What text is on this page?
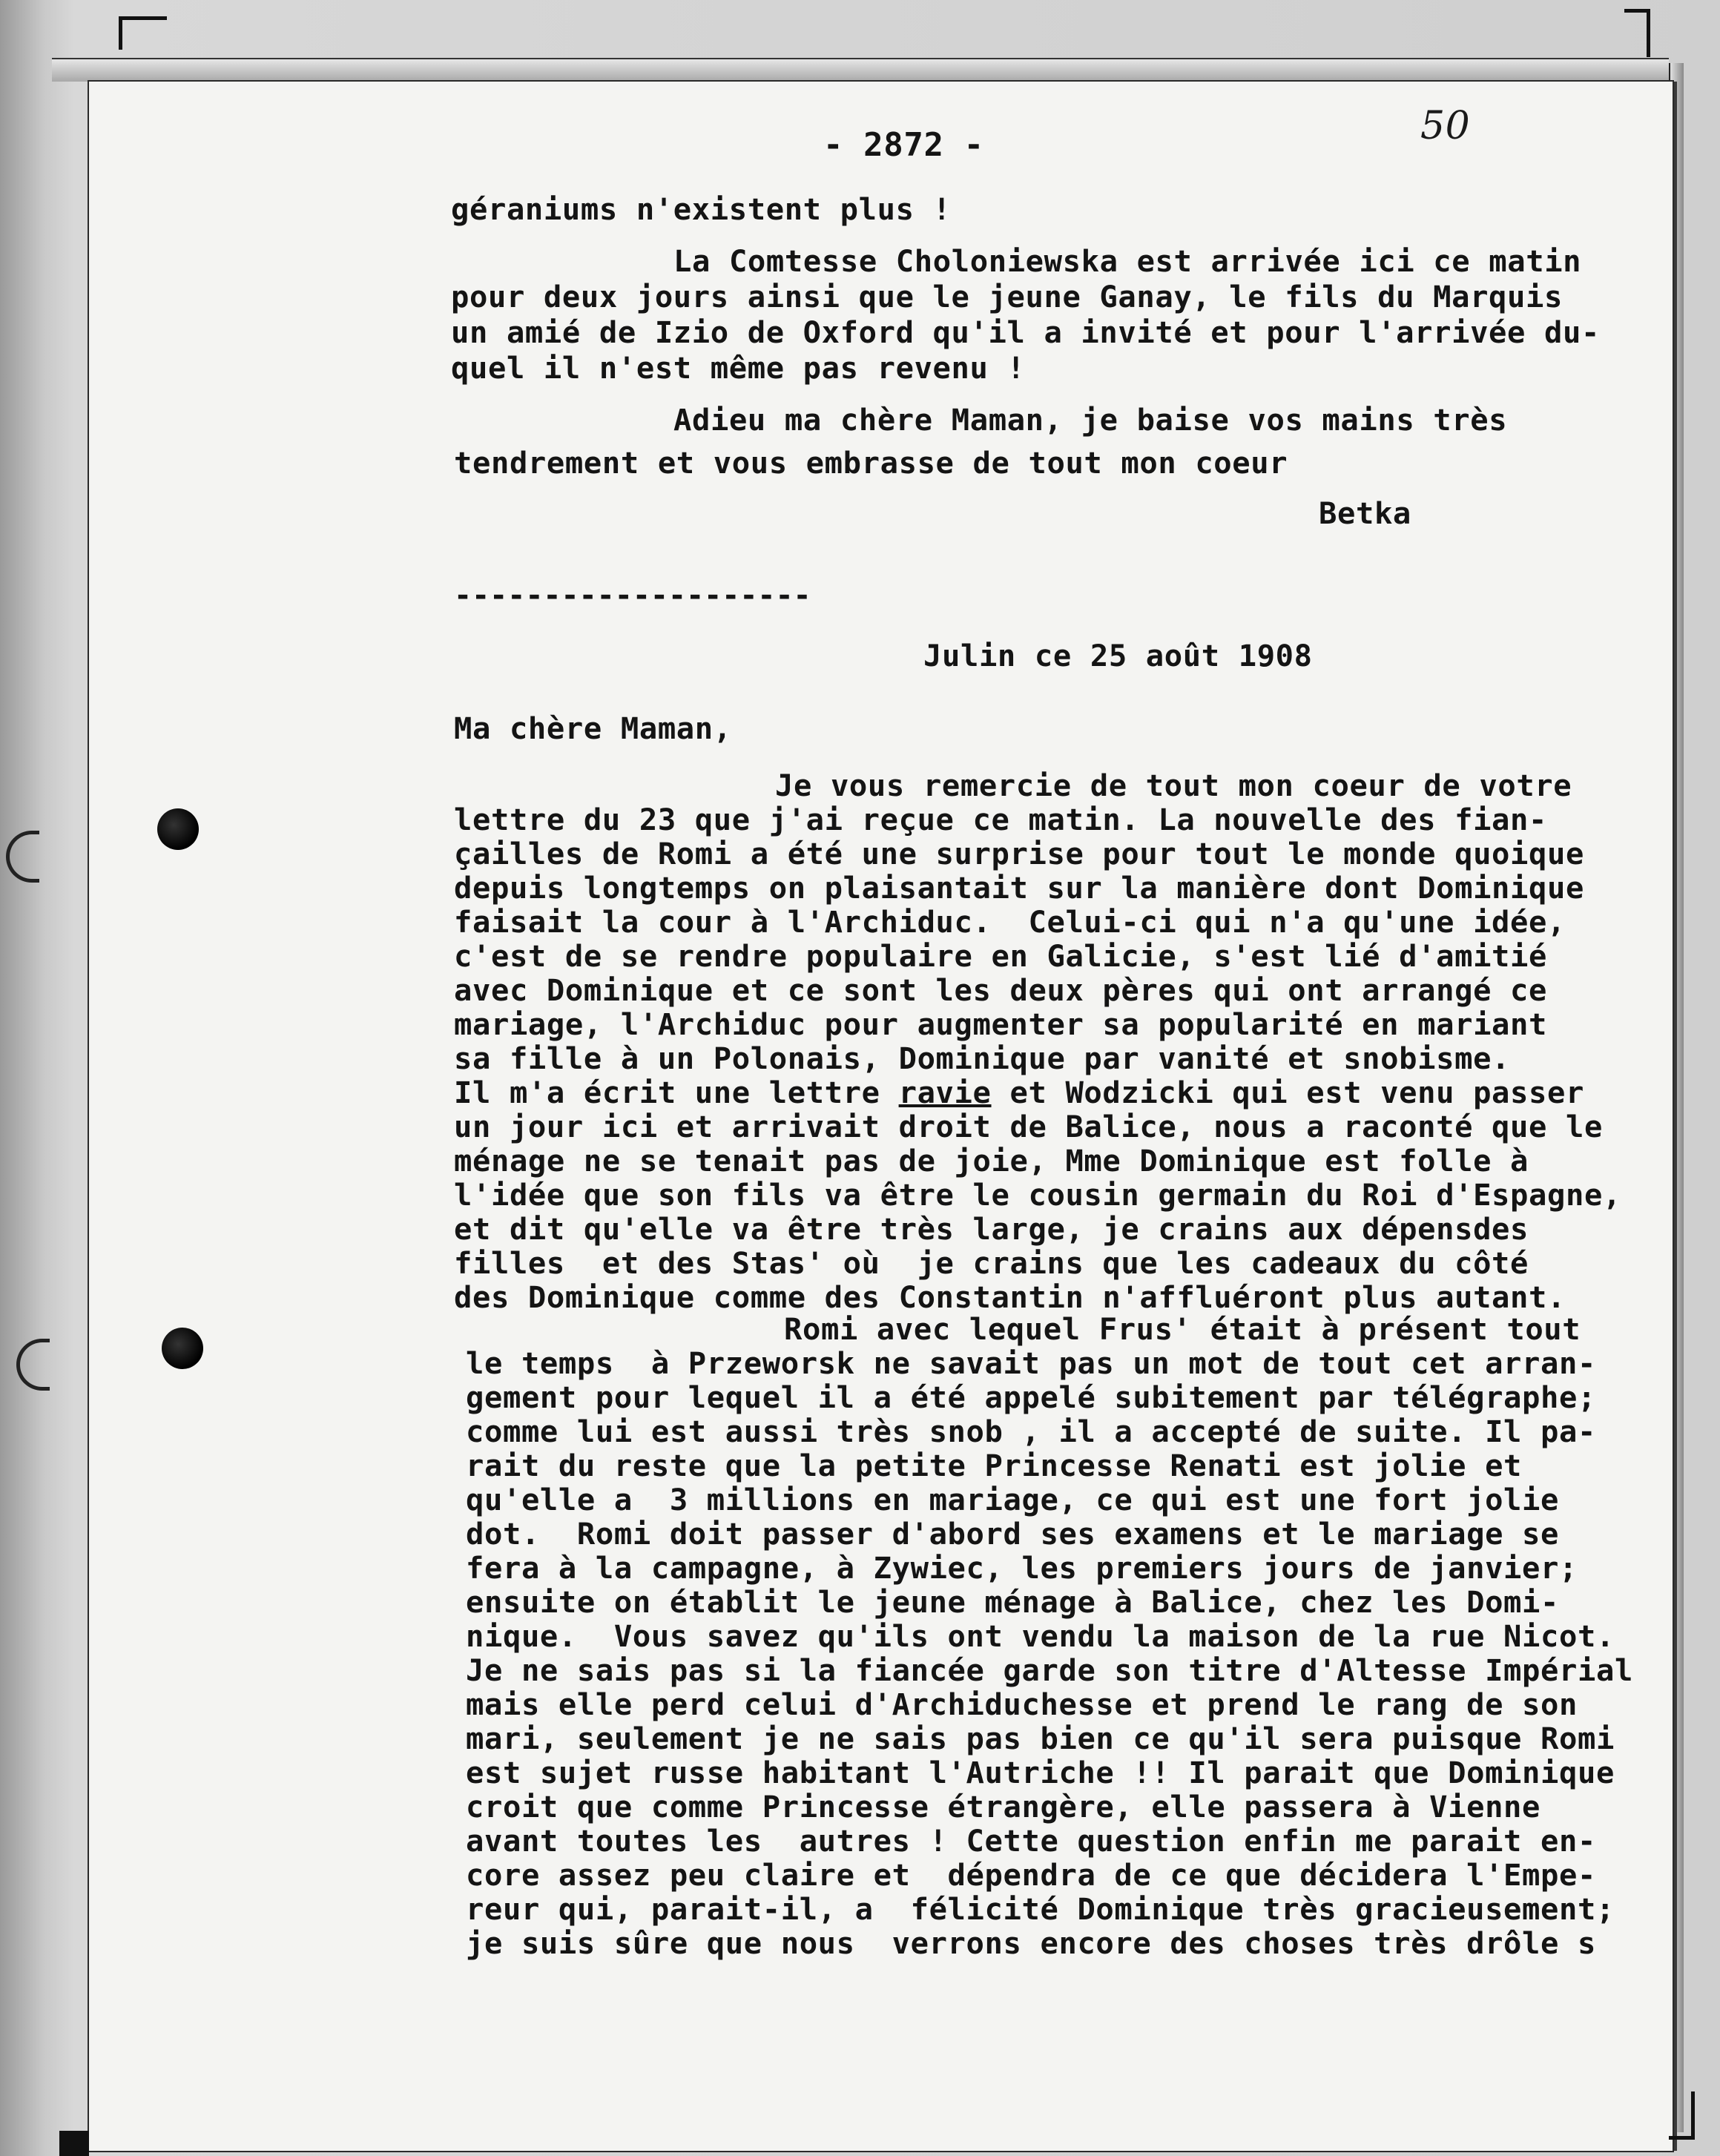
- 2872 -	50
géraniums n'existent plus !
La Comtesse Choloniewska est arrivée ici ce matin
pour deux jours ainsi que le jeune Ganay, le fils du Marquis
un amié de Izio de Oxford qu'il a invité et pour l'arrivée du-
quel il n'est même pas revenu !
Adieu ma chère Maman, je baise vos mains très
tendrement et vous embrasse de tout mon coeur
Betka
--------------------
Julin ce 25 août 1908
Ma chère Maman,
Je vous remercie de tout mon coeur de votre
lettre du 23 que j'ai reçue ce matin. La nouvelle des fian-
çailles de Romi a été une surprise pour tout le monde quoique
depuis longtemps on plaisantait sur la manière dont Dominique
faisait la cour à l'Archiduc.  Celui-ci qui n'a qu'une idée,
c'est de se rendre populaire en Galicie, s'est lié d'amitié
avec Dominique et ce sont les deux pères qui ont arrangé ce
mariage, l'Archiduc pour augmenter sa popularité en mariant
sa fille à un Polonais, Dominique par vanité et snobisme.
Il m'a écrit une lettre ravie et Wodzicki qui est venu passer
un jour ici et arrivait droit de Balice, nous a raconté que le
ménage ne se tenait pas de joie, Mme Dominique est folle à
l'idée que son fils va être le cousin germain du Roi d'Espagne,
et dit qu'elle va être très large, je crains aux dépensdes
filles  et des Stas' où  je crains que les cadeaux du côté
des Dominique comme des Constantin n'affluéront plus autant.
Romi avec lequel Frus' était à présent tout
le temps  à Przeworsk ne savait pas un mot de tout cet arran-
gement pour lequel il a été appelé subitement par télégraphe;
comme lui est aussi très snob , il a accepté de suite. Il pa-
rait du reste que la petite Princesse Renati est jolie et
qu'elle a  3 millions en mariage, ce qui est une fort jolie
dot.  Romi doit passer d'abord ses examens et le mariage se
fera à la campagne, à Zywiec, les premiers jours de janvier;
ensuite on établit le jeune ménage à Balice, chez les Domi-
nique.  Vous savez qu'ils ont vendu la maison de la rue Nicot.
Je ne sais pas si la fiancée garde son titre d'Altesse Impérial
mais elle perd celui d'Archiduchesse et prend le rang de son
mari, seulement je ne sais pas bien ce qu'il sera puisque Romi
est sujet russe habitant l'Autriche !! Il parait que Dominique
croit que comme Princesse étrangère, elle passera à Vienne
avant toutes les  autres ! Cette question enfin me parait en-
core assez peu claire et  dépendra de ce que décidera l'Empe-
reur qui, parait-il, a  félicité Dominique très gracieusement;
je suis sûre que nous  verrons encore des choses très drôle s
